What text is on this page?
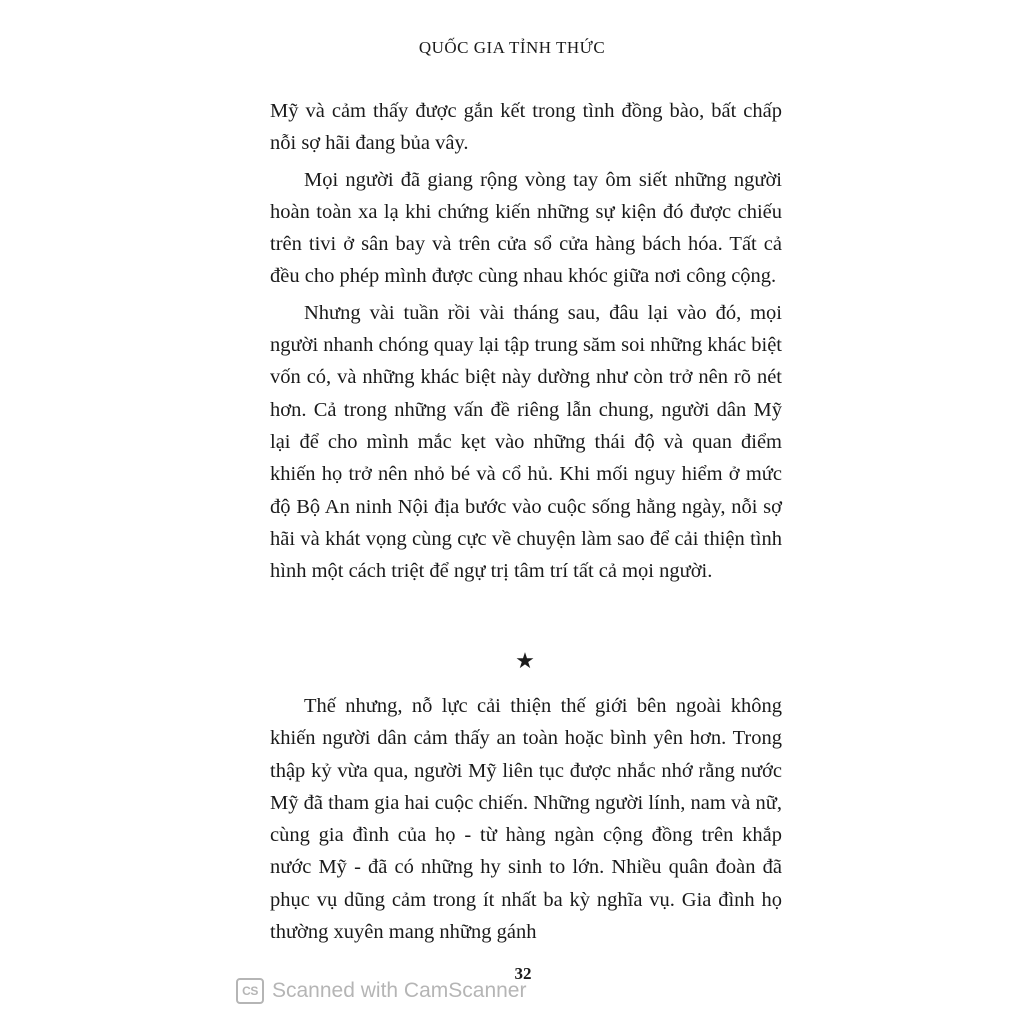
QUỐC GIA TỈNH THỨC

Mỹ và cảm thấy được gắn kết trong tình đồng bào, bất chấp nỗi sợ hãi đang bủa vây.

Mọi người đã giang rộng vòng tay ôm siết những người hoàn toàn xa lạ khi chứng kiến những sự kiện đó được chiếu trên tivi ở sân bay và trên cửa sổ cửa hàng bách hóa. Tất cả đều cho phép mình được cùng nhau khóc giữa nơi công cộng.

Nhưng vài tuần rồi vài tháng sau, đâu lại vào đó, mọi người nhanh chóng quay lại tập trung săm soi những khác biệt vốn có, và những khác biệt này dường như còn trở nên rõ nét hơn. Cả trong những vấn đề riêng lẫn chung, người dân Mỹ lại để cho mình mắc kẹt vào những thái độ và quan điểm khiến họ trở nên nhỏ bé và cổ hủ. Khi mối nguy hiểm ở mức độ Bộ An ninh Nội địa bước vào cuộc sống hằng ngày, nỗi sợ hãi và khát vọng cùng cực về chuyện làm sao để cải thiện tình hình một cách triệt để ngự trị tâm trí tất cả mọi người.

★

Thế nhưng, nỗ lực cải thiện thế giới bên ngoài không khiến người dân cảm thấy an toàn hoặc bình yên hơn. Trong thập kỷ vừa qua, người Mỹ liên tục được nhắc nhớ rằng nước Mỹ đã tham gia hai cuộc chiến. Những người lính, nam và nữ, cùng gia đình của họ - từ hàng ngàn cộng đồng trên khắp nước Mỹ - đã có những hy sinh to lớn. Nhiều quân đoàn đã phục vụ dũng cảm trong ít nhất ba kỳ nghĩa vụ. Gia đình họ thường xuyên mang những gánh

32
CS Scanned with CamScanner
